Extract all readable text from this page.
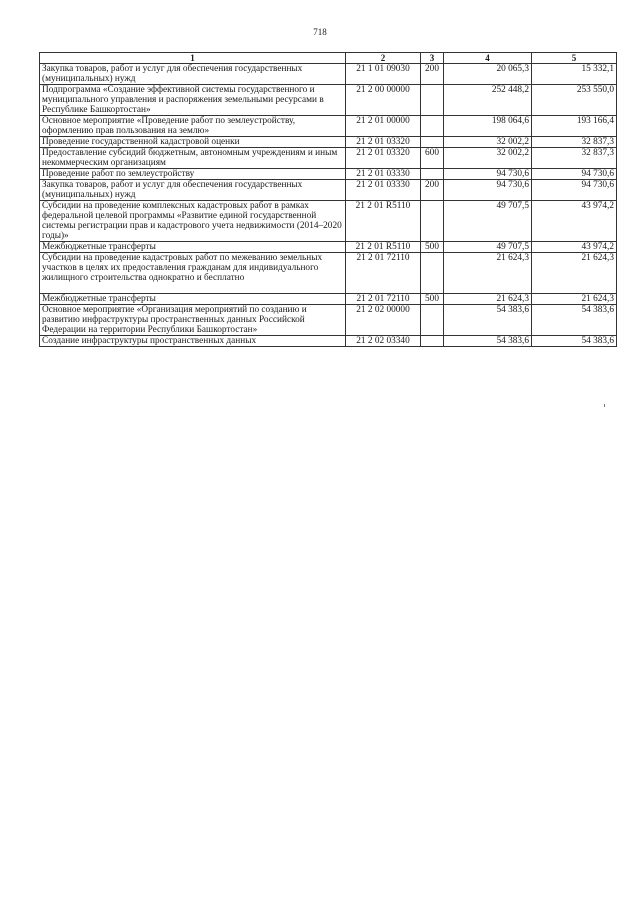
718
1	2	3	4	5
Закупка товаров, работ и услуг для обеспечения государственных (муниципальных) нужд	21 1 01 09030	200	20 065,3	15 332,1
Подпрограмма «Создание эффективной системы государственного и муниципального управления и распоряжения земельными ресурсами в Республике Башкортостан»	21 2 00 00000		252 448,2	253 550,0
Основное мероприятие «Проведение работ по землеустройству, оформлению прав пользования на землю»	21 2 01 00000		198 064,6	193 166,4
Проведение государственной кадастровой оценки	21 2 01 03320		32 002,2	32 837,3
Предоставление субсидий бюджетным, автономным учреждениям и иным некоммерческим организациям	21 2 01 03320	600	32 002,2	32 837,3
Проведение работ по землеустройству	21 2 01 03330		94 730,6	94 730,6
Закупка товаров, работ и услуг для обеспечения государственных (муниципальных) нужд	21 2 01 03330	200	94 730,6	94 730,6
Субсидии на проведение комплексных кадастровых работ в рамках федеральной целевой программы «Развитие единой государственной системы регистрации прав и кадастрового учета недвижимости (2014–2020 годы)»	21 2 01 R5110		49 707,5	43 974,2
Межбюджетные трансферты	21 2 01 R5110	500	49 707,5	43 974,2
Субсидии на проведение кадастровых работ по межеванию земельных участков в целях их предоставления гражданам для индивидуального жилищного строительства однократно и бесплатно	21 2 01 72110		21 624,3	21 624,3
Межбюджетные трансферты	21 2 01 72110	500	21 624,3	21 624,3
Основное мероприятие «Организация мероприятий по созданию и развитию инфраструктуры пространственных данных Российской Федерации на территории Республики Башкортостан»	21 2 02 00000		54 383,6	54 383,6
Создание инфраструктуры пространственных данных	21 2 02 03340		54 383,6	54 383,6
